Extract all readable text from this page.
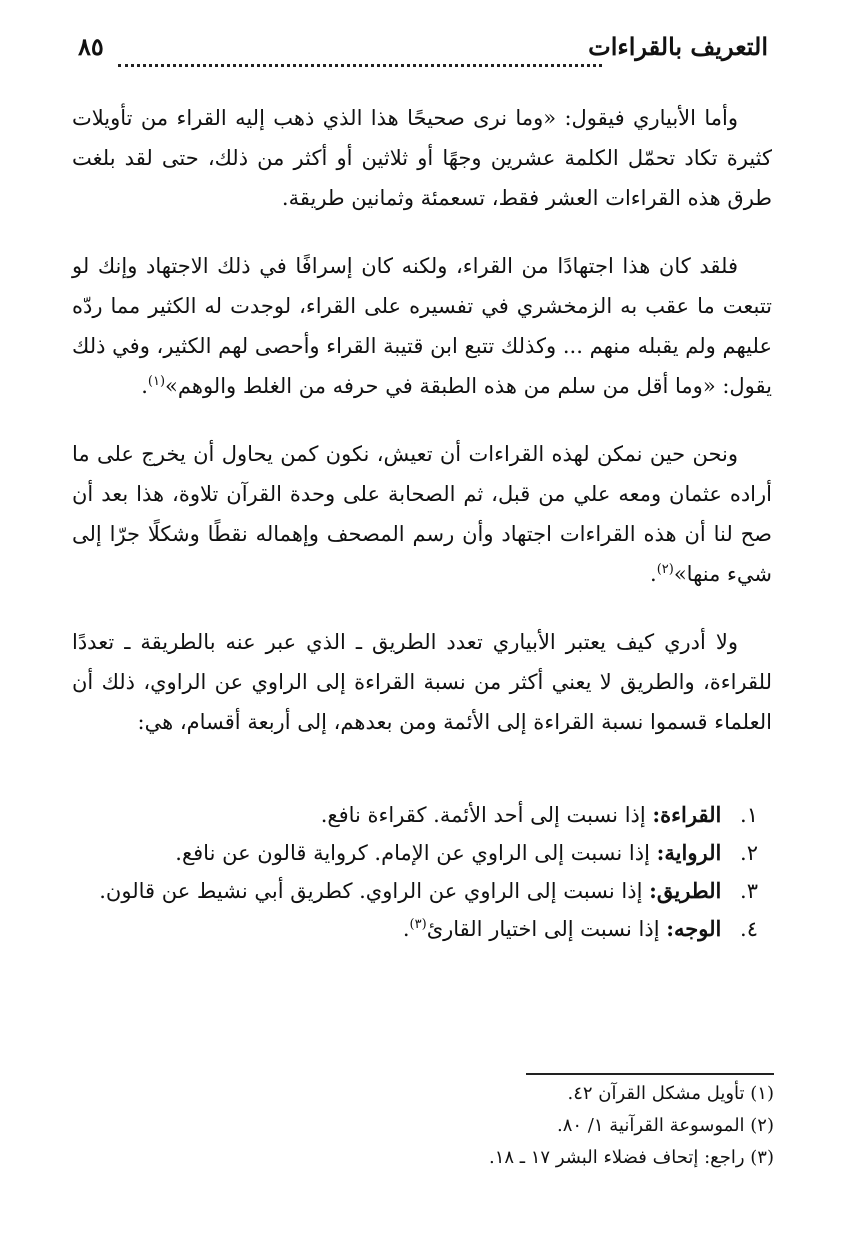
التعريف بالقراءات
٨٥

وأما الأبياري فيقول: «وما نرى صحيحًا هذا الذي ذهب إليه القراء من تأويلات كثيرة تكاد تحمّل الكلمة عشرين وجهًا أو ثلاثين أو أكثر من ذلك، حتى لقد بلغت طرق هذه القراءات العشر فقط، تسعمئة وثمانين طريقة.

فلقد كان هذا اجتهادًا من القراء، ولكنه كان إسرافًا في ذلك الاجتهاد وإنك لو تتبعت ما عقب به الزمخشري في تفسيره على القراء، لوجدت له الكثير مما ردّه عليهم ولم يقبله منهم ... وكذلك تتبع ابن قتيبة القراء وأحصى لهم الكثير، وفي ذلك يقول: «وما أقل من سلم من هذه الطبقة في حرفه من الغلط والوهم»$^{(١)}$.

ونحن حين نمكن لهذه القراءات أن تعيش، نكون كمن يحاول أن يخرج على ما أراده عثمان ومعه علي من قبل، ثم الصحابة على وحدة القرآن تلاوة، هذا بعد أن صح لنا أن هذه القراءات اجتهاد وأن رسم المصحف وإهماله نقطًا وشكلًا جرّا إلى شيء منها»$^{(٢)}$.

ولا أدري كيف يعتبر الأبياري تعدد الطريق ـ الذي عبر عنه بالطريقة ـ تعددًا للقراءة، والطريق لا يعني أكثر من نسبة القراءة إلى الراوي عن الراوي، ذلك أن العلماء قسموا نسبة القراءة إلى الأئمة ومن بعدهم، إلى أربعة أقسام، هي:

١. القراءة: إذا نسبت إلى أحد الأئمة. كقراءة نافع.
٢. الرواية: إذا نسبت إلى الراوي عن الإمام. كرواية قالون عن نافع.
٣. الطريق: إذا نسبت إلى الراوي عن الراوي. كطريق أبي نشيط عن قالون.
٤. الوجه: إذا نسبت إلى اختيار القارئ$^{(٣)}$.
(١) تأويل مشكل القرآن ٤٢.
(٢) الموسوعة القرآنية ١/ ٨٠.
(٣) راجع: إتحاف فضلاء البشر ١٧ ـ ١٨.
